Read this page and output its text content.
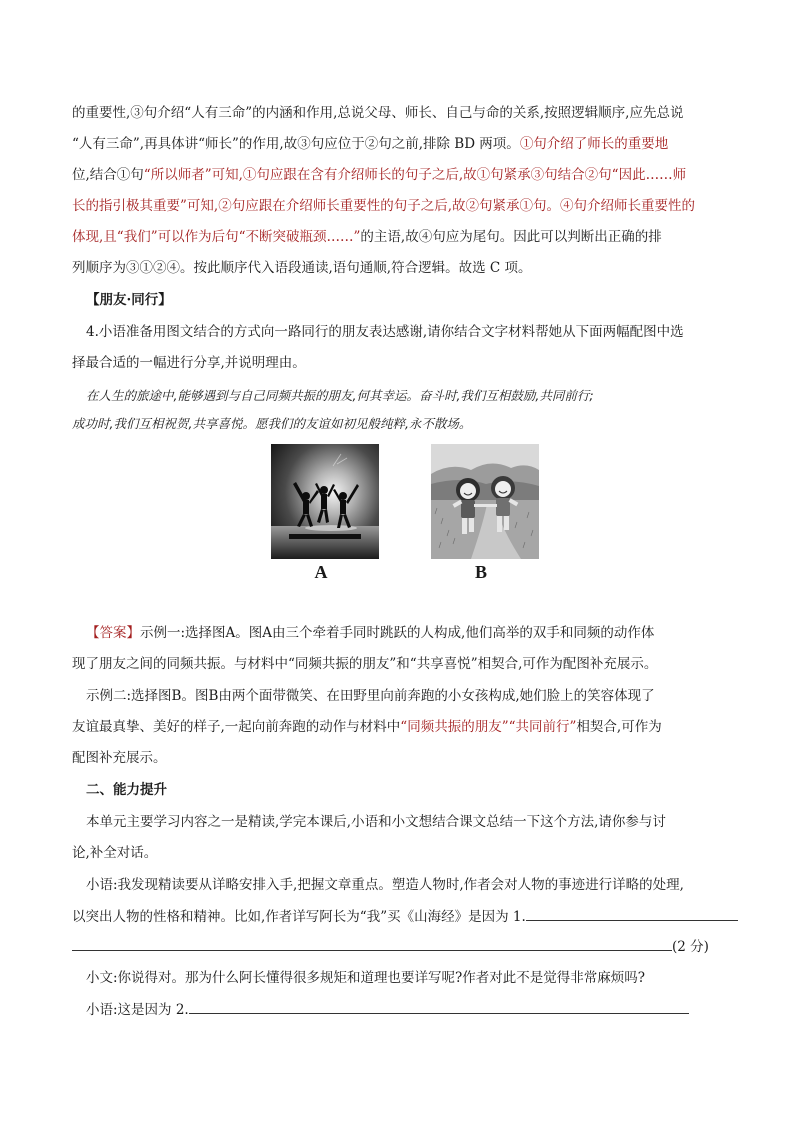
的重要性,③句介绍“人有三命”的内涵和作用,总说父母、师长、自己与命的关系,按照逻辑顺序,应先总说
“人有三命”,再具体讲“师长”的作用,故③句应位于②句之前,排除 BD 两项。①句介绍了师长的重要地
位,结合①句“所以师者”可知,①句应跟在含有介绍师长的句子之后,故①句紧承③句结合②句“因此……师
长的指引极其重要”可知,②句应跟在介绍师长重要性的句子之后,故②句紧承①句。④句介绍师长重要性的
体现,且“我们”可以作为后句“不断突破瓶颈……”的主语,故④句应为尾句。因此可以判断出正确的排
列顺序为③①②④。按此顺序代入语段通读,语句通顺,符合逻辑。故选 C 项。
【朋友·同行】
4.小语准备用图文结合的方式向一路同行的朋友表达感谢,请你结合文字材料帮她从下面两幅配图中选
择最合适的一幅进行分享,并说明理由。
在人生的旅途中,能够遇到与自己同频共振的朋友,何其幸运。奋斗时,我们互相鼓励,共同前行;
成功时,我们互相祝贺,共享喜悦。愿我们的友谊如初见般纯粹,永不散场。
A	B
【答案】示例一:选择图A。图A由三个牵着手同时跳跃的人构成,他们高举的双手和同频的动作体
现了朋友之间的同频共振。与材料中“同频共振的朋友”和“共享喜悦”相契合,可作为配图补充展示。
示例二:选择图B。图B由两个面带微笑、在田野里向前奔跑的小女孩构成,她们脸上的笑容体现了
友谊最真挚、美好的样子,一起向前奔跑的动作与材料中“同频共振的朋友”“共同前行”相契合,可作为
配图补充展示。
二、能力提升
本单元主要学习内容之一是精读,学完本课后,小语和小文想结合课文总结一下这个方法,请你参与讨
论,补全对话。
小语:我发现精读要从详略安排入手,把握文章重点。塑造人物时,作者会对人物的事迹进行详略的处理,
以突出人物的性格和精神。比如,作者详写阿长为“我”买《山海经》是因为 1.
(2 分)
小文:你说得对。那为什么阿长懂得很多规矩和道理也要详写呢?作者对此不是觉得非常麻烦吗?
小语:这是因为 2.
